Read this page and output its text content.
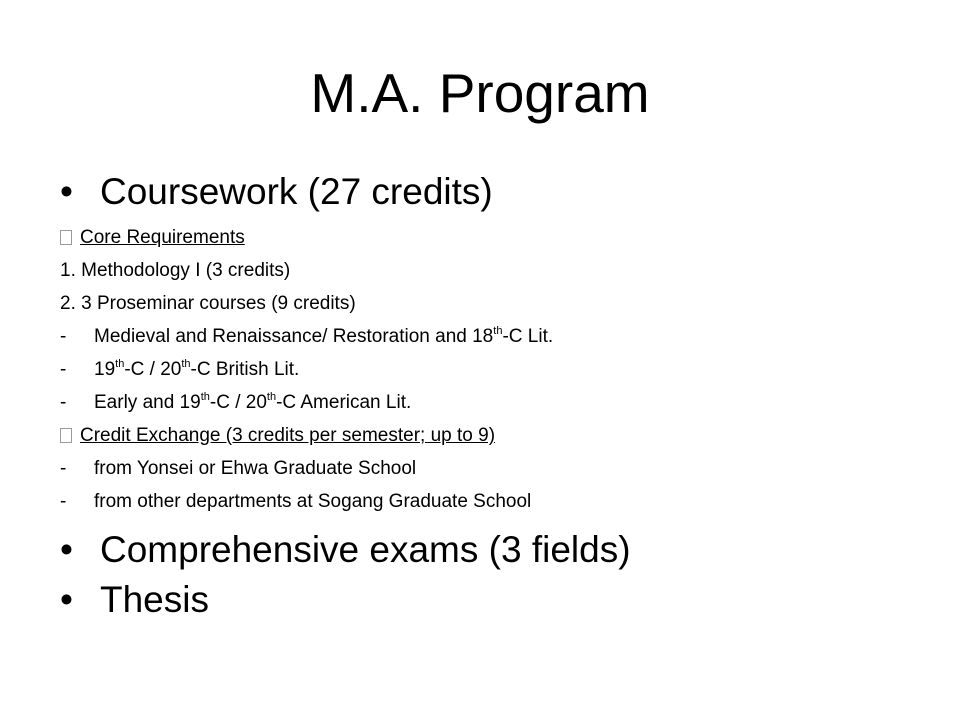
M.A. Program
• Coursework (27 credits)
Core Requirements
1. Methodology I (3 credits)
2. 3 Proseminar courses (9 credits)
- Medieval and Renaissance/ Restoration and 18th-C Lit.
- 19th-C / 20th-C British Lit.
- Early and 19th-C / 20th-C American Lit.
Credit Exchange (3 credits per semester; up to 9)
- from Yonsei or Ehwa Graduate School
- from other departments at Sogang Graduate School
• Comprehensive exams (3 fields)
• Thesis
